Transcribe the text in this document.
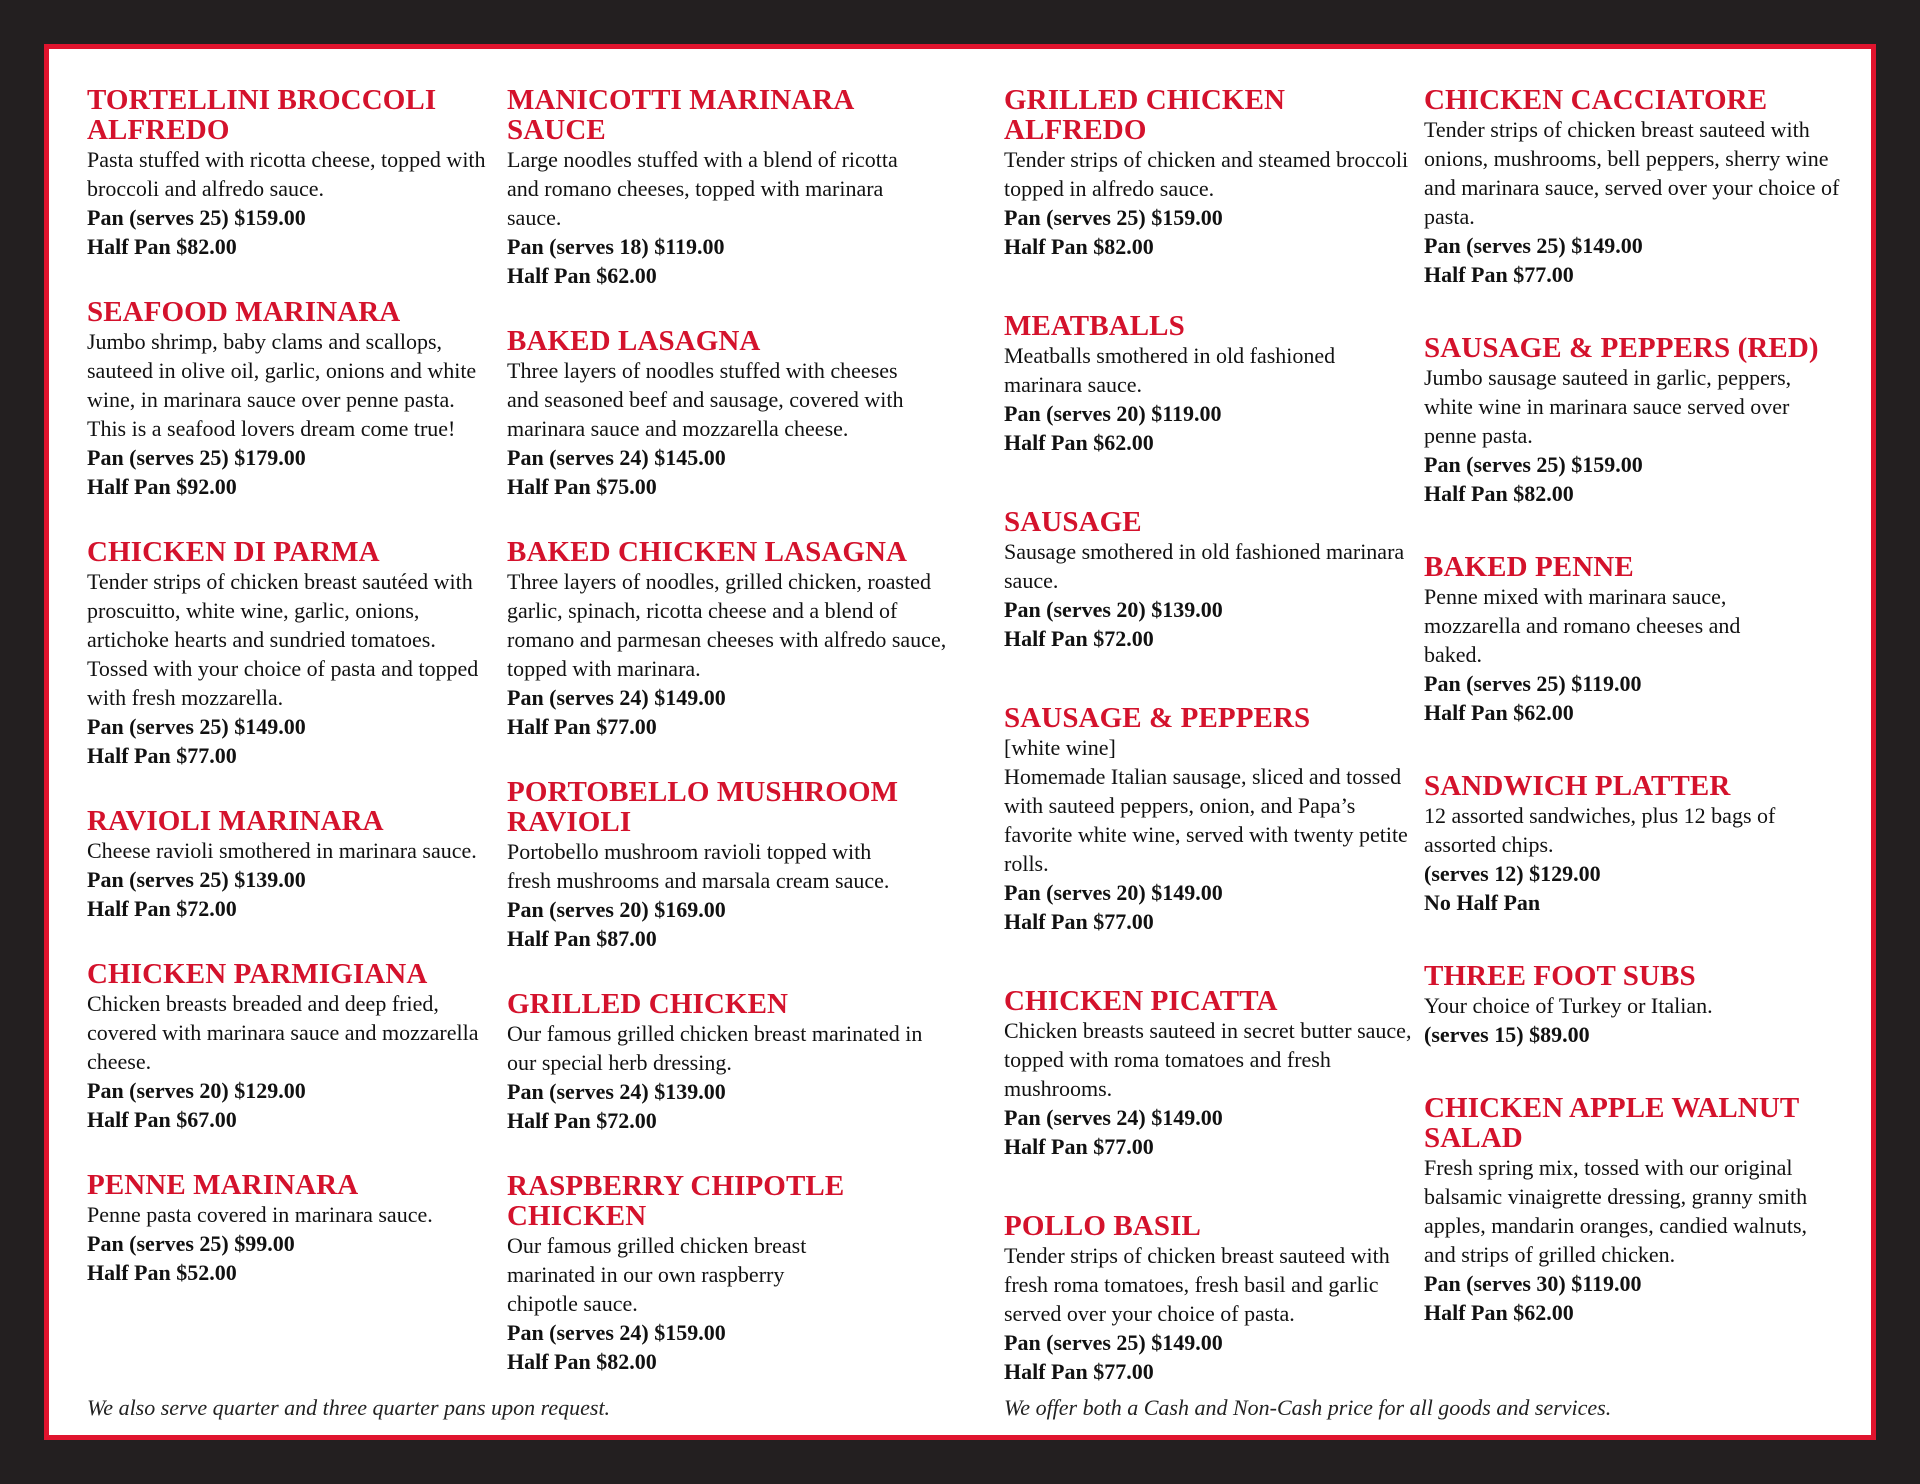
TORTELLINI BROCCOLI ALFREDO
Pasta stuffed with ricotta cheese, topped with broccoli and alfredo sauce.
Pan (serves 25) $159.00
Half Pan $82.00
SEAFOOD MARINARA
Jumbo shrimp, baby clams and scallops, sauteed in olive oil, garlic, onions and white wine, in marinara sauce over penne pasta. This is a seafood lovers dream come true!
Pan (serves 25) $179.00
Half Pan $92.00
CHICKEN DI PARMA
Tender strips of chicken breast sautéed with proscuitto, white wine, garlic, onions, artichoke hearts and sundried tomatoes. Tossed with your choice of pasta and topped with fresh mozzarella.
Pan (serves 25) $149.00
Half Pan $77.00
RAVIOLI MARINARA
Cheese ravioli smothered in marinara sauce.
Pan (serves 25) $139.00
Half Pan $72.00
CHICKEN PARMIGIANA
Chicken breasts breaded and deep fried, covered with marinara sauce and mozzarella cheese.
Pan (serves 20) $129.00
Half Pan $67.00
PENNE MARINARA
Penne pasta covered in marinara sauce.
Pan (serves 25) $99.00
Half Pan $52.00
MANICOTTI MARINARA SAUCE
Large noodles stuffed with a blend of ricotta and romano cheeses, topped with marinara sauce.
Pan (serves 18) $119.00
Half Pan $62.00
BAKED LASAGNA
Three layers of noodles stuffed with cheeses and seasoned beef and sausage, covered with marinara sauce and mozzarella cheese.
Pan (serves 24) $145.00
Half Pan $75.00
BAKED CHICKEN LASAGNA
Three layers of noodles, grilled chicken, roasted garlic, spinach, ricotta cheese and a blend of romano and parmesan cheeses with alfredo sauce, topped with marinara.
Pan (serves 24) $149.00
Half Pan $77.00
PORTOBELLO MUSHROOM RAVIOLI
Portobello mushroom ravioli topped with fresh mushrooms and marsala cream sauce.
Pan (serves 20) $169.00
Half Pan $87.00
GRILLED CHICKEN
Our famous grilled chicken breast marinated in our special herb dressing.
Pan (serves 24) $139.00
Half Pan $72.00
RASPBERRY CHIPOTLE CHICKEN
Our famous grilled chicken breast marinated in our own raspberry chipotle sauce.
Pan (serves 24) $159.00
Half Pan $82.00
GRILLED CHICKEN ALFREDO
Tender strips of chicken and steamed broccoli topped in alfredo sauce.
Pan (serves 25) $159.00
Half Pan $82.00
MEATBALLS
Meatballs smothered in old fashioned marinara sauce.
Pan (serves 20) $119.00
Half Pan $62.00
SAUSAGE
Sausage smothered in old fashioned marinara sauce.
Pan (serves 20) $139.00
Half Pan $72.00
SAUSAGE & PEPPERS
[white wine]
Homemade Italian sausage, sliced and tossed with sauteed peppers, onion, and Papa’s favorite white wine, served with twenty petite rolls.
Pan (serves 20) $149.00
Half Pan $77.00
CHICKEN PICATTA
Chicken breasts sauteed in secret butter sauce, topped with roma tomatoes and fresh mushrooms.
Pan (serves 24) $149.00
Half Pan $77.00
POLLO BASIL
Tender strips of chicken breast sauteed with fresh roma tomatoes, fresh basil and garlic served over your choice of pasta.
Pan (serves 25) $149.00
Half Pan $77.00
CHICKEN CACCIATORE
Tender strips of chicken breast sauteed with onions, mushrooms, bell peppers, sherry wine and marinara sauce, served over your choice of pasta.
Pan (serves 25) $149.00
Half Pan $77.00
SAUSAGE & PEPPERS (RED)
Jumbo sausage sauteed in garlic, peppers, white wine in marinara sauce served over penne pasta.
Pan (serves 25) $159.00
Half Pan $82.00
BAKED PENNE
Penne mixed with marinara sauce, mozzarella and romano cheeses and baked.
Pan (serves 25) $119.00
Half Pan $62.00
SANDWICH PLATTER
12 assorted sandwiches, plus 12 bags of assorted chips.
(serves 12) $129.00
No Half Pan
THREE FOOT SUBS
Your choice of Turkey or Italian.
(serves 15) $89.00
CHICKEN APPLE WALNUT SALAD
Fresh spring mix, tossed with our original balsamic vinaigrette dressing, granny smith apples, mandarin oranges, candied walnuts, and strips of grilled chicken.
Pan (serves 30) $119.00
Half Pan $62.00
We also serve quarter and three quarter pans upon request.	We offer both a Cash and Non-Cash price for all goods and services.
